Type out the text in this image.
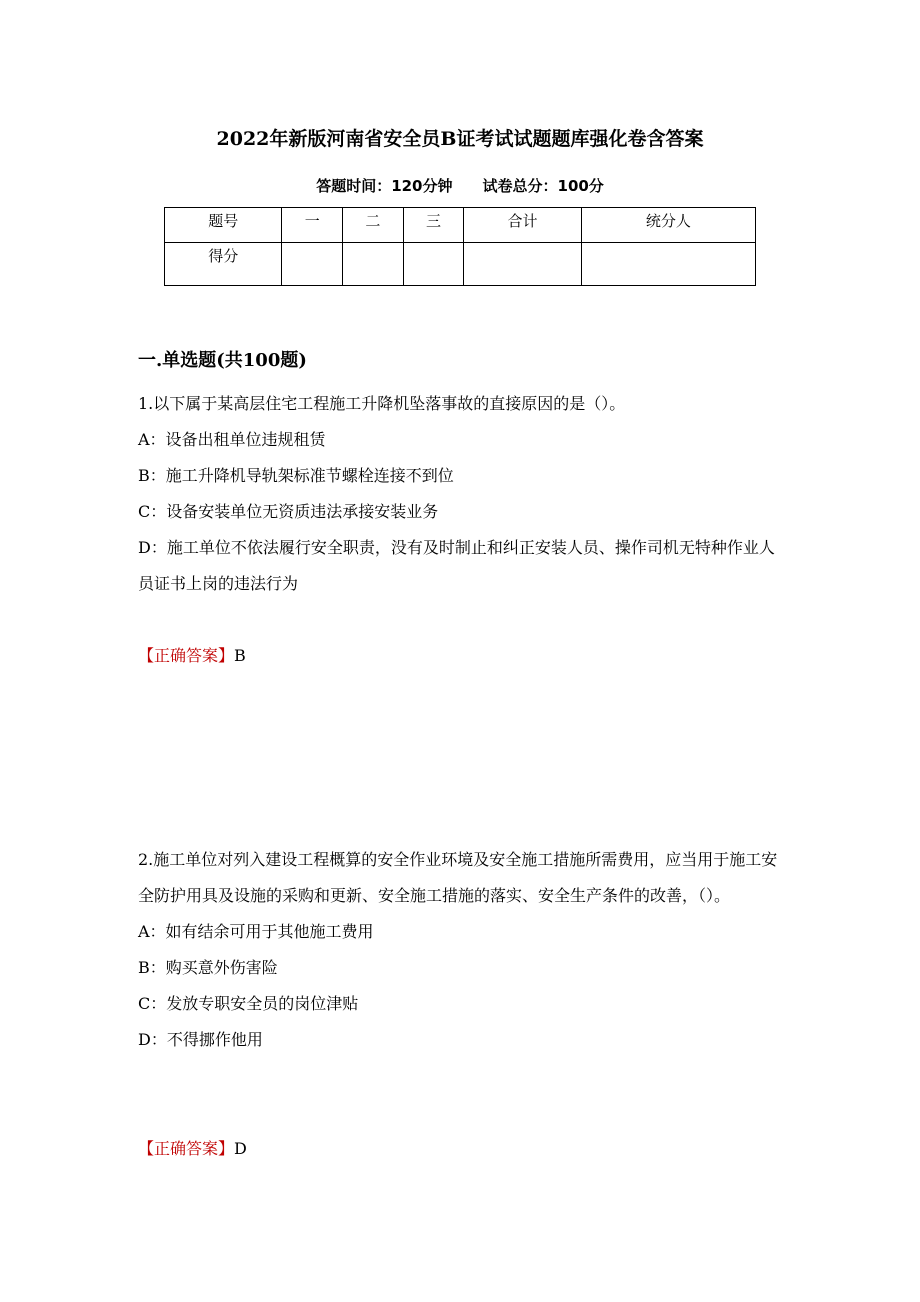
2022年新版河南省安全员B证考试试题题库强化卷含答案
答题时间：120分钟 试卷总分：100分
题号	一	二	三	合计	统分人
得分					
一.单选题(共100题)

1.以下属于某高层住宅工程施工升降机坠落事故的直接原因的是（）。

A：设备出租单位违规租赁

B：施工升降机导轨架标准节螺栓连接不到位

C：设备安装单位无资质违法承接安装业务

D：施工单位不依法履行安全职责，没有及时制止和纠正安装人员、操作司机无特种作业人员证书上岗的违法行为

【正确答案】B

2.施工单位对列入建设工程概算的安全作业环境及安全施工措施所需费用，应当用于施工安全防护用具及设施的采购和更新、安全施工措施的落实、安全生产条件的改善，（）。

A：如有结余可用于其他施工费用

B：购买意外伤害险

C：发放专职安全员的岗位津贴

D：不得挪作他用

【正确答案】D
